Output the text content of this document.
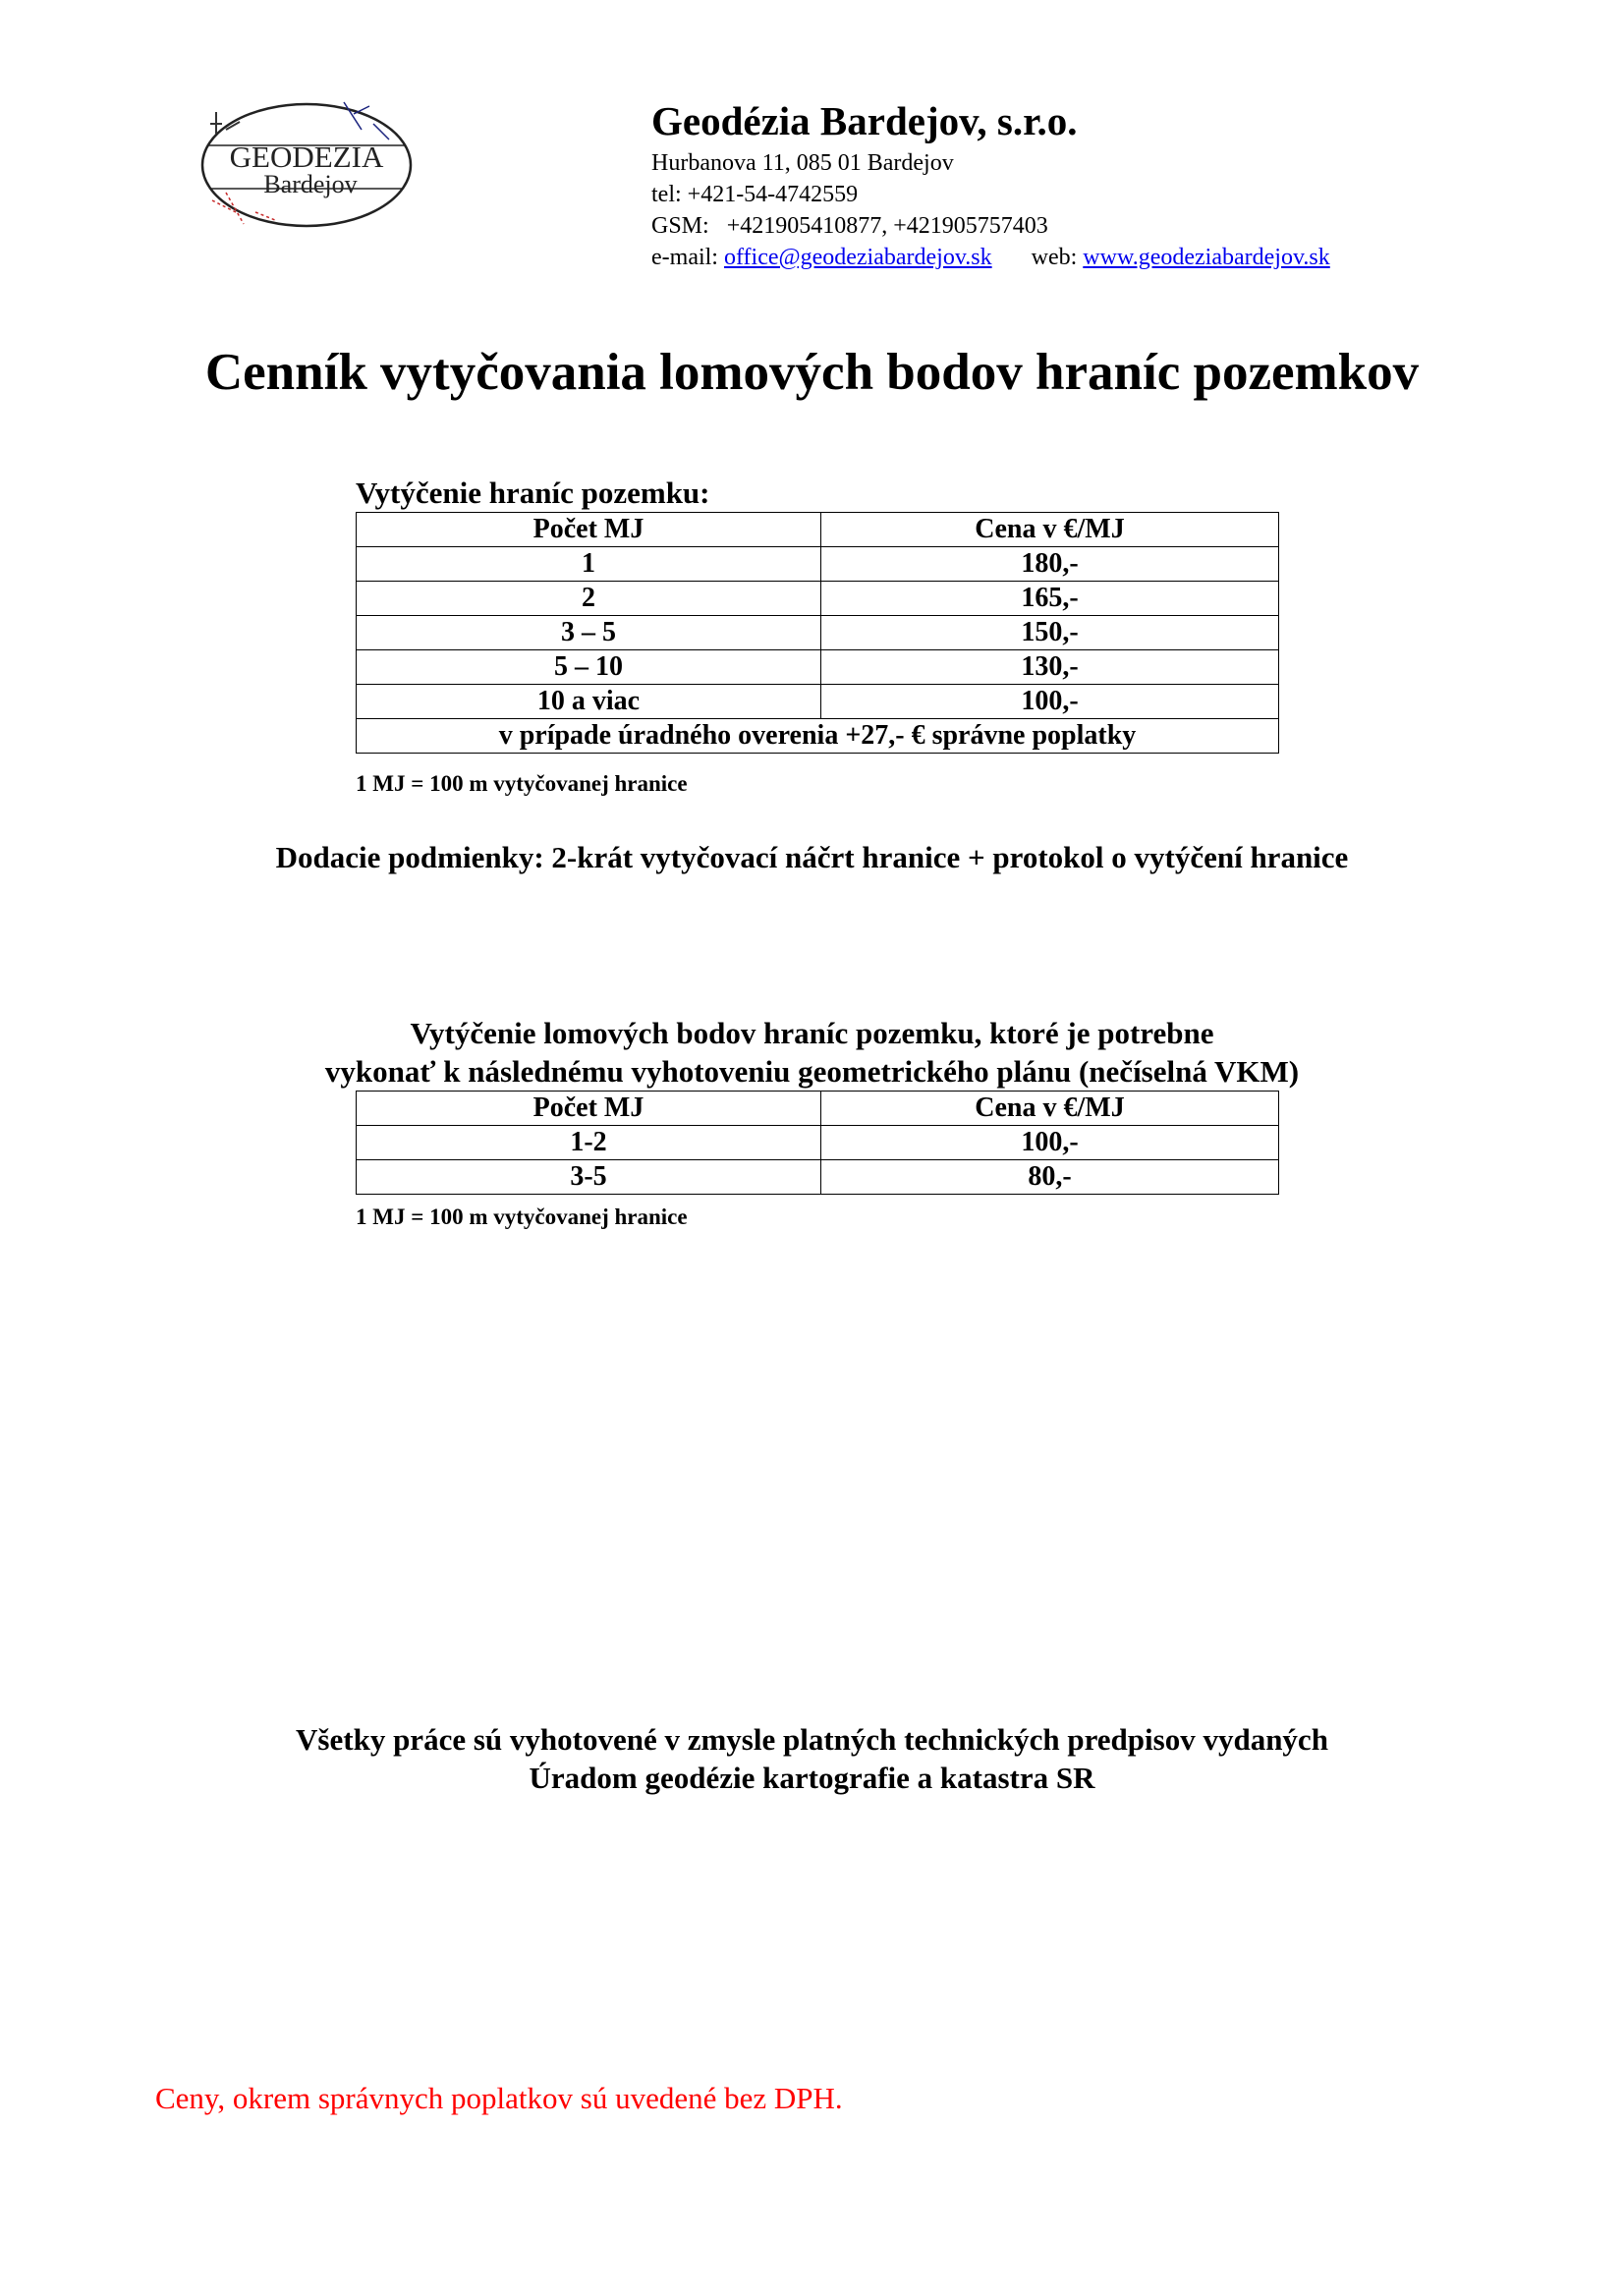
GEODEZIA
Bardejov
Geodézia Bardejov, s.r.o.
Hurbanova 11, 085 01 Bardejov
tel: +421-54-4742559
GSM:   +421905410877, +421905757403
e-mail: office@geodeziabardejov.sk web: www.geodeziabardejov.sk
Cenník vytyčovania lomových bodov hraníc pozemkov
Vytýčenie hraníc pozemku:
Počet MJ	Cena v €/MJ
1	180,-
2	165,-
3 – 5	150,-
5 – 10	130,-
10 a viac	100,-
v prípade úradného overenia +27,- € správne poplatky	
1 MJ = 100 m vytyčovanej hranice
Dodacie podmienky: 2-krát vytyčovací náčrt hranice + protokol o vytýčení hranice
Vytýčenie lomových bodov hraníc pozemku, ktoré je potrebne
vykonať k následnému vyhotoveniu geometrického plánu (nečíselná VKM)
Počet MJ	Cena v €/MJ
1-2	100,-
3-5	80,-
1 MJ = 100 m vytyčovanej hranice
Všetky práce sú vyhotovené v zmysle platných technických predpisov vydaných
Úradom geodézie kartografie a katastra SR
Ceny, okrem správnych poplatkov sú uvedené bez DPH.
